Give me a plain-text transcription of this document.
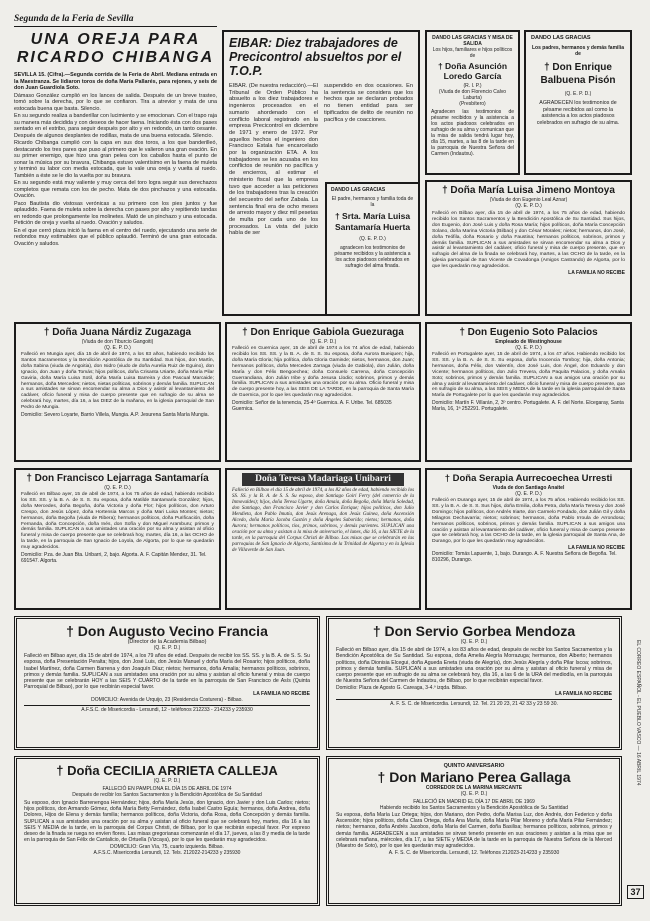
Segunda de la Feria de Sevilla
UNA OREJA PARA RICARDO CHIBANGA

SEVILLA 15. (Cifra).—Segunda corrida de la Feria de Abril. Mediana entrada en la Maestranza. Se lidiaron toros de doña María Pallarés, para rejones, y seis de don Juan Guardiola Soto.

Dámaso González cumplió en los lances de salida. Después de un breve trasteo, tomó sobre la derecha, por lo que se confiaron. Tira a atrevior y mata de una estocada buena que basta. Silencio.

En su segundo realiza a banderillar con lucimiento y se emocionan. Con el trapo raja su manera más decidida y con deseos de hacer faena. Iniciando ésta con dos pases sentado en el estribo, para seguir después por alto y en redondo, un tanto cesante. Después de algunos desplantes de rodillas, mata de una buena estocada. Silencio.

Ricardo Chibanga cumplió con la capa en sus dos toros, a los que banderilleó, destacando los tres pares que puso al primero que le valieron una gran ovación. En su primer enemigo, que hizo una gran pelea con los caballos hasta el punto de sonar la música por su bravura, Chibanga estuvo valentísimo en la faena de muleta y terminó su labor con media estocada, que la vale una oreja y vuelta al ruedo. También a éste se le dio la vuelta por su bravura.

En su segundo está muy valiente y muy cerca del toro logra seguir sus derechazos completos que remata con los de pecho. Mata de dos pinchazos y una estocada. Ovación.

Paco Bautista dio vistosas verónicas a su primero con los pies juntos y fue aplaudido. Faena de muleta sobre la derecha con pases por alto y repitiendo tandas en redondo que prolongamente los molinetes. Mató de un pinchazo y una estocada. Petición de oreja y vuelta al ruedo. Ovación y saludos.

En el que cerró plaza inició la faena en el centro del ruedo, ejecutando una serie de redondos muy estimables que el público aplaudió. Terminó de una gran estocada. Ovación y saludos.

EIBAR: Diez trabajadores de Precicontrol absueltos por el T.O.P.
EIBAR. (De nuestra redacción).—El Tribunal de Orden Público ha absuelto a los diez trabajadores e ingenieros procesados en el sumario ahordenado con el conflicto laboral registrado en la empresa Precicontrol en diciembre de 1971 y enero de 1972. Por aquellos hechos el ingeniero don Francisco Estala fue encarcelado por la organización ETA. A los trabajadores se les acusaba en los conflictos de reunión no pacífica y de encierros, al estimar el ministerio fiscal que la empresa tuvo que acceder a las peticiones de los trabajadores tras la creación del secuestro del señor Zabala. La sentencia final era de ocho meses de arresto mayor y diez mil pesetas de multa por cada uno de los procesados. La vista del juicio había de ser
suspendido en dos ocasiones. En la sentencia se considera que los hechos que se declaran probados no tienen entidad para ser tipificados de delito de reunión no pacífica y de coacciones.
DANDO LAS GRACIAS Y MISA DE SALIDA
Los hijos, familiares e hijos políticos de
† Doña Asunción Loredo García
(R. I. P.)
(Viuda de don Florencio Calvo Laburta)
(Presbítero)
Agradecen las testimonios de pésame recibidos y la asistencia a los actos piadosos celebrados en sufragio de su alma y comunican que la misa de salida tendrá lugar hoy, día 15, martes, a las 8 de la tarde en la parroquia de Nuestra Señora del Carmen (Indautxu).
DANDO LAS GRACIAS
Los padres, hermanos y demás familia de
† Don Enrique Balbuena Pisón
(Q. E. P. D.)
AGRADECEN los testimonios de pésame recibidos así como la asistencia a los actos piadosos celebrados en sufragio de su alma.
DANDO LAS GRACIAS
El padre, hermanos y familia toda de la
† Srta. María Luisa Santamaría Huerta
(Q. E. P. D.)
agradecen los testimonios de pésame recibidos y la asistencia a los actos piadosos celebrados en sufragio del alma finada.
† Doña María Luisa Jimeno Montoya
(Viuda de don Eugenio Leal Aznar)
(Q. E. P. D.)
Falleció en Bilbao ayer, día 15 de abril de 1974, a los 75 años de edad, habiendo recibido los Santos Sacramentos y la Bendición Apostólica de Su Santidad. Sus hijos, don Eugenio, don José Luis y doña Rosa María; hijos políticos, doña María Concepción Solano, doña Marina Victoria (Bilbao) y don César Morales; nietos; hermanos, don José, doña Teófila, doña Rosario y doña Faustina; hermanos políticos, sobrinos, primos y demás familia. SUPLICAN a sus amistades se sirvan encomendar su alma a Dios y asistir al levantamiento del cadáver, oficio funeral y misa de cuerpo presente, que en sufragio del alma de la finada se celebrará hoy, martes, a las OCHO de la tarde, en la iglesia parroquial de San Vicente de Covadonga (Amigos Castrando) de Algorta, por lo que les quedarán muy agradecidos.
LA FAMILIA NO RECIBE
† Doña Juana Nárdiz Zugazaga
(Viuda de don Tiburcio Gangoiti)
(Q. E. P. D.)
Falleció en Mungia ayer, día 15 de abril de 1974, a los 83 años, habiendo recibido los Santos Sacramentos y la Bendición Apostólica de Su Santidad. Sus hijos, don Martín, doña Sabina (viuda de Angoitia), don Isidro (viudo de doña Aurelia Ruiz de Eguino), don Ignacio, don Juan y doña Tomás; hijos políticos, doña Crisanta Uriarte, doña María Pilar Gaviria, doña María Luisa Sotil, doña María Luisa Barreira y don Pascual Marcaide; hermanos, doña Mercedes; nietos, nietas políticas, sobrinos y demás familia. SUPLICAN a sus amistades se sirvan encomendar su alma a Dios y asistir al levantamiento del cadáver, oficio funeral y misa de cuerpo presente que en sufragio de su alma se celebrará hoy, martes, día 16, a las DIEZ de la mañana, en la iglesia parroquial de San Pedro de Mungia.
Domicilio: Severo Loyarte, Barrio Villela, Mungia. A.P. Jesurena Santa María Mungia.
† Don Enrique Gabiola Guezuraga
(Q. E. P. D.)
Falleció en Guernica ayer, 15 de abril de 1974 a los 74 años de edad, habiendo recibido los SS. SS. y la B. A. de S. S. Su esposa, doña Aurora Bueiquen; hija, doña María Gloria; hija política, doña Gloria Gaminde; nietos, hermanos, don Juan; hermanos políticos, doña Mercedes Zarraga (viuda de Gabiola), don Julián, doña María y don Félix Bengoechea; doña Consuelo Carrena, doña Concepción Guerrandiana, don Julián Iribe y doña Jesusa Llodio; sobrinos, primos y demás familia. SUPLICAN a sus amistades una oración por su alma. Oficio funeral y misa de cuerpo presente hoy, a las SEIS DE LA TARDE, en la parroquia de Santa María de Guernica, por lo que les quedarán muy agradecidos.
Domicilio: Señor de la tenencia, 25-4º Guernica. A. F. Uribe. Tel. 685035 Guernica.
† Don Eugenio Soto Palacios
Empleado de Westinghouse
(Q. E. P. D.)
Falleció en Portugalete ayer, 15 de abril de 1974, a los 47 años. Habiendo recibido los SS. SS. y la B. A. de S. S. Su esposa, doña Inocencia Tomboy; hija, doña Antonia; hermanos, doña Félix, don Valentín, don José Luis, don Ángel, don Eduardo y don Vicente; hermanos políticos, don Julio Trevera, doña Paquita Palacios, y doña Amalia Soto; sobrinos, primos y demás familia. SUPLICAN a sus amigos una oración por su alma y asistir al levantamiento del cadáver, oficio funeral y misa de cuerpo presente, que en sufragio de su alma, a las SEIS y MEDIA de la tarde en la iglesia parroquial de Santa María de Portugalete por lo que les quedarán muy agradecidos.
Domicilio: Martín F. Villarán, 2, 3º centro. Portugalete. A. F. del Norte. Elcegaray, Santa María, 16, 1ª 252291. Portugalete.
† Don Francisco Lejarraga Santamaría
(Q. E. P. D.)
Falleció en Bilbao ayer, 15 de abril de 1974, a los 75 años de edad, habiendo recibido los SS. SS. y la B. A. de S. S. Su esposa, doña Matilde Santamaría González; hijos, doña Mercedes, doña Begoña, doña Victoria y doña Flor; hijos políticos, don Arturo Crespo, don Jesús López, doña Hortensia Marcos y doña Mari Luisa Montes; nietos; hermanos, doña Begoña (viuda de Ribera); hermanos políticos, doña Purificación, doña Fernanda, doña Concepción, doña Inés, don Sofía y don Miguel Aramburu; primos y demás familia. SUPLICAN a sus amistades una oración por su alma y asistan al oficio funeral y misa de cuerpo presente que se celebrará hoy, martes, día 16, a las OCHO de la tarde, en la parroquia de San Ignacio de Loyola, de Algorta, por lo que se quedarán muy agradecidos.
Domicilio: Pza. de Juan Bta. Uribarri, 2, bajo. Algorta. A. F. Capitán Mendez, 31. Tel. 691547. Algorta.
Doña Teresa Madariaga Unibarri
Falleció en Bilbao el día 15 de abril de 1974, a los 82 años de edad, habiendo recibido los SS. SS. y la B. A. de S. S. Su esposo, don Santiago Goiri Ferry (del comercio de la Inmovaldes); hijos, doña Teresa Ugarte, doña Amaia, doña Begoña, doña María Soledad, don Santiago, don Francisco Javier y don Carlos Enrique; hijos políticos, don Julio Mendieta, don Pablo Imutía, don Jesús Arenaga, don Jesús Guinea, doña Ascensión Alcedo, doña María Jacoba Gastón y doña Ángeles Saborido; nietos; hermanos, doña Aurora; hermanos políticos, tíos, primos, sobrinos, y demás parientes. SUPLICAN una oración por su alma y asistan a la misa de aniversario, el lunes, día 16, a las SIETE de la tarde, en la parroquia del Corpus Christi de Bilbao. Las misas que se celebrarán en las parroquias de San Ignacio de Algorta, Santísima de la Trinidad de Algorta y en la Iglesia de Villaverde de San Juan.
† Doña Serapia Aurrecoechea Urresti
Viuda de don Santiago Anaitel
(Q. E. P. D.)
Falleció en Durango ayer, 15 de abril de 1974, a los 75 años. Habiendo recibido los SS. SS. y la B. A. de S. S. Sus hijos, doña Emilia, doña Petra, doña María Teresa y don José Domingo; hijos políticos, don Andrés Iriarte, don Carmelo Fondado, don Julián Gil y doña Milagros Dechavarria; nietos; sobrinos; hermanos, doña Pablo Irroula de Arrondosa; hermanos políticos, sobrinos, primos y demás familia. SUPLICAN a sus amigos una oración y asistan al levantamiento del cadáver, oficio funeral y misa de cuerpo presente que se celebrará hoy, a las OCHO de la tarde, en la iglesia parroquial de Santa Ana, de Durango, por lo que les quedarán muy agradecidos.
LA FAMILIA NO RECIBE
Domicilio: Tomás Lapuente, 1, bajo. Durango. A. F. Nuestra Señora de Begoña. Tel. 810296, Durango.
† Don Augusto Vecino Francia
(Director de la Academia Bilbao)
(Q. E. P. D.)
Falleció en Bilbao ayer, día 15 de abril de 1974, a los 79 años de edad. Después de recibir los SS. SS. y la B. A. de S. S. Su esposa, doña Presentación Peralta; hijos, don José Luis, don Jesús Manuel y doña María del Rosario; hijos políticos, doña Isabel Martínez, doña Carmen Barrena y don Joaquín Díaz; nietos; hermanos, doña Amalia; hermanos políticos, sobrinos, primos y demás familia. SUPLICAN a sus amistades una oración por su alma y asistan al oficio funeral y misa de cuerpo presente que se celebrarán HOY a las SEIS Y CUARTO de la tarde en la parroquia de San Francisco de Asís (Quinta Parroquial de Bilbao), por lo que recibirán especial favor.
LA FAMILIA NO RECIBE
DOMICILIO: Avenida de Urquijo, 23 (Residencia Costurera) - Bilbao.
A.F.S.C. de Misericordia - Lersundi, 12 - teléfonos 212233 - 214233 y 235930
† Don Servio Gorbea Mendoza
(Q. E. P. D.)
Falleció en Bilbao ayer, día 15 de abril de 1974, a los 83 años de edad, después de recibir los Santos Sacramentos y la Bendición Apostólica de Su Santidad. Su esposa, doña Amelia Alegría Morrazuga; hermanos, don Alberto; hermanos políticos, doña Dionisia Elcegui, doña Agueda Eneta (viuda de Alegría), don Jesús Alegría y doña Pilar Iscoa; sobrinos, primos y demás familia. SUPLICAN a sus amistades una oración por su alma y asistan al oficio funeral y misa de cuerpo presente que en sufragio de su alma se celebrará hoy, día 16, a las 6 de la URA del mediodía, en la parroquia de Nuestra Señora del Carmen de Indautxu, de Bilbao, por lo que recibirán especial favor.
Domicilio: Plaza de Agosto G. Careaga, 3-4.º izqda. Bilbao.
LA FAMILIA NO RECIBE
A. F. S. C. de Misericordia. Lersundi, 12. Tel. 21 20 23, 21 42 33 y 23 59 30.
† Doña CECILIA ARRIETA CALLEJA
(Q. E. P. D.)
FALLECIÓ EN PAMPLONA EL DÍA 15 DE ABRIL DE 1974
Después de recibir los Santos Sacramentos y la Bendición Apostólica de Su Santidad
Su esposo, don Ignacio Barrenengoa Hernández; hijos, doña María Jesús, don Ignacio, don Javier y don Luis Carlos; nietos; hijos políticos, don Armando Gómez, doña María Betty Fernández, doña Isabel Castro Eguía; hermanos, doña Andrea, doña Dolores, Hijos de Elena y demás familia; hermanos políticos, doña Victoria, doña Rosa, doña Concepción y demás familia. SUPLICAN a sus amistades una oración por su alma y asistan al oficio funeral que se celebrará hoy, martes, día 16 a las SEIS Y MEDIA de la tarde, en la parroquia del Corpus Christi, de Bilbao, por lo que recibirán especial favor. Por expreso deseo de la finada se ruega no envíen flores. Las misas gregorianas comenzarán el día 17, jueves, a las 8 y media de la tarde en la parroquia de San Félix de Cantalicio, de Ortuella (Vizcaya), por lo que les quedarán muy agradecidos.
DOMICILIO: Gran Vía, 75, cuarto izquierda. Bilbao.
A.F.S.C. Misericordia Lersundi, 12. Tels. 212022-214233 y 235930
QUINTO ANIVERSARIO
† Don Mariano Perea Gallaga
CORREDOR DE LA MARINA MERCANTE
(Q. E. P. D.)
FALLECIÓ EN MADRID EL DÍA 17 DE ABRIL DE 1969
Habiendo recibido los Santos Sacramentos y la Bendición Apostólica de Su Santidad
Su esposa, doña María Luz Ortega; hijos, don Mariano, don Pedro, doña Marisa Luz, don Andrés, don Federico y doña Ascensión; hijos políticos, doña Clara Ortega, doña Ana María, doña María Pilar Moreno y doña María Pilar Fernández; nietos; hermanos, doña Andrés Jacobos, doña María del Carmen, doña Basilisa; hermanos políticos, sobrinos, primos y demás familia. AGRADECEN a sus amistades se sirvan tenerlo presente en sus oraciones y asistan a la misa que se celebrará mañana, miércoles, día 17, a las SIETE y MEDIA de la tarde en la parroquia de Nuestra Señora de la Merced (Maestro de Soto), por lo que les quedarán muy agradecidos.
A. F. S. C. de Misericordia. Lersundi, 12. Teléfonos 212023-214233 y 235930
EL CORREO ESPAÑOL - EL PUEBLO VASCO — 16 ABRIL 1974
37
